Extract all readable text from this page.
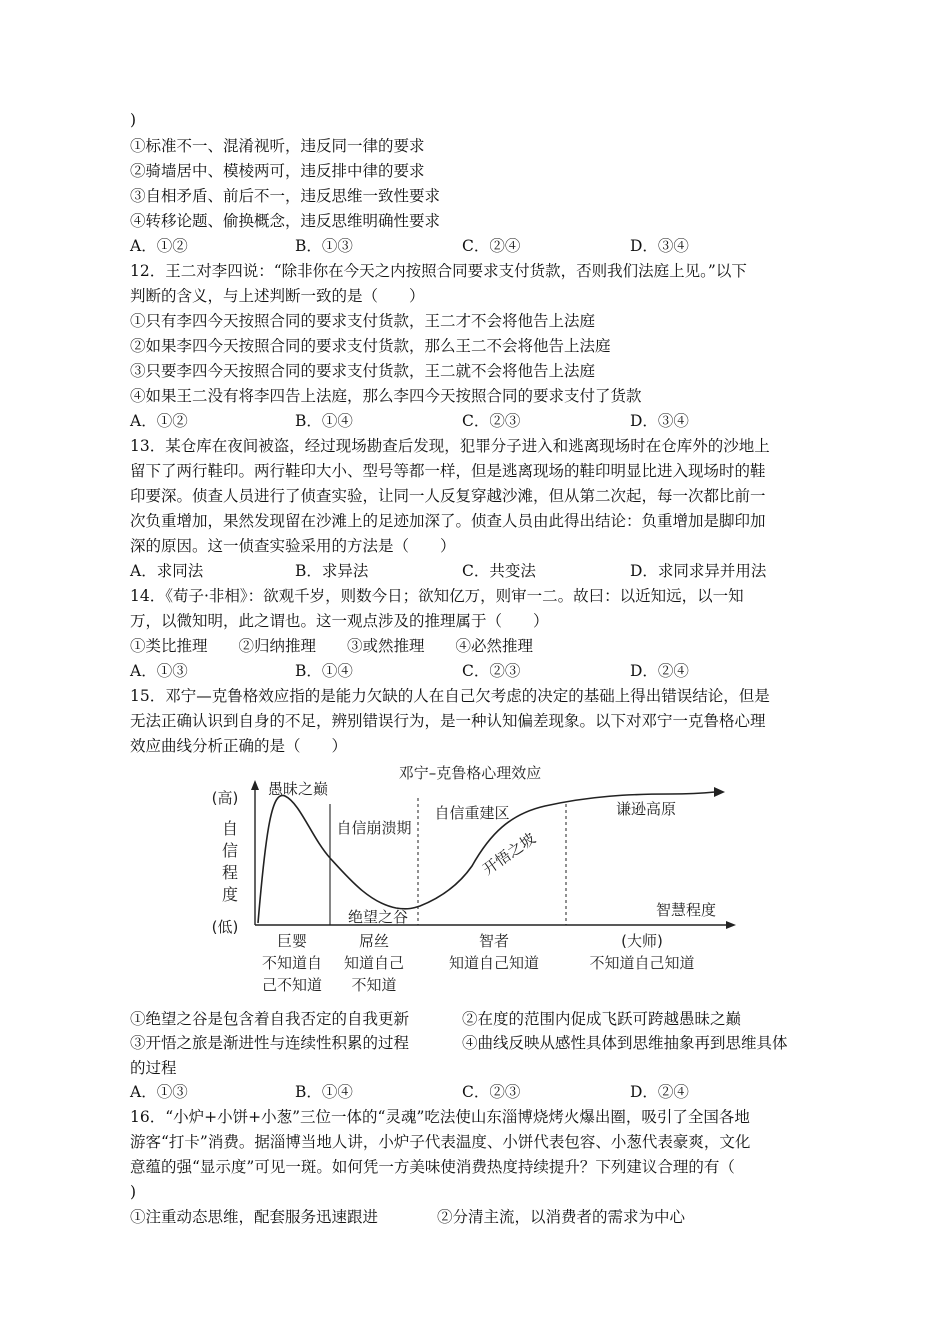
)
①标准不一、混淆视听，违反同一律的要求
②骑墙居中、模棱两可，违反排中律的要求
③自相矛盾、前后不一，违反思维一致性要求
④转移论题、偷换概念，违反思维明确性要求
A．①②	B．①③	C．②④	D．③④
12．王二对李四说：“除非你在今天之内按照合同要求支付货款，否则我们法庭上见。”以下
判断的含义，与上述判断一致的是（　　）
①只有李四今天按照合同的要求支付货款，王二才不会将他告上法庭
②如果李四今天按照合同的要求支付货款，那么王二不会将他告上法庭
③只要李四今天按照合同的要求支付货款，王二就不会将他告上法庭
④如果王二没有将李四告上法庭，那么李四今天按照合同的要求支付了货款
A．①②	B．①④	C．②③	D．③④
13．某仓库在夜间被盗，经过现场勘查后发现，犯罪分子进入和逃离现场时在仓库外的沙地上
留下了两行鞋印。两行鞋印大小、型号等都一样，但是逃离现场的鞋印明显比进入现场时的鞋
印要深。侦查人员进行了侦查实验，让同一人反复穿越沙滩，但从第二次起，每一次都比前一
次负重增加，果然发现留在沙滩上的足迹加深了。侦查人员由此得出结论：负重增加是脚印加
深的原因。这一侦查实验采用的方法是（　　）
A．求同法	B．求异法	C．共变法	D．求同求异并用法
14．《荀子·非相》：欲观千岁，则数今日；欲知亿万，则审一二。故曰：以近知远，以一知
万，以微知明，此之谓也。这一观点涉及的推理属于（　　）
①类比推理　　②归纳推理　　③或然推理　　④必然推理
A．①③	B．①④	C．②③	D．②④
15．邓宁—克鲁格效应指的是能力欠缺的人在自己欠考虑的决定的基础上得出错误结论，但是
无法正确认识到自身的不足，辨别错误行为，是一种认知偏差现象。以下对邓宁一克鲁格心理
效应曲线分析正确的是（　　）
邓宁–克鲁格心理效应
(高)
自
信
程
度
(低)
愚昧之巅
自信崩溃期
自信重建区
开悟之坡
绝望之谷
谦逊高原
智慧程度
巨婴	屌丝	智者	(大师)
不知道自
己不知道
知道自己
不知道
知道自己知道	不知道自己知道
①绝望之谷是包含着自我否定的自我更新	②在度的范围内促成飞跃可跨越愚昧之巅
③开悟之旅是渐进性与连续性积累的过程	④曲线反映从感性具体到思维抽象再到思维具体
的过程
A．①③	B．①④	C．②③	D．②④
16．“小炉+小饼+小葱”三位一体的“灵魂”吃法使山东淄博烧烤火爆出圈，吸引了全国各地
游客“打卡”消费。据淄博当地人讲，小炉子代表温度、小饼代表包容、小葱代表豪爽，文化
意蕴的强“显示度”可见一斑。如何凭一方美味使消费热度持续提升？下列建议合理的有（
)
①注重动态思维，配套服务迅速跟进	②分清主流，以消费者的需求为中心
